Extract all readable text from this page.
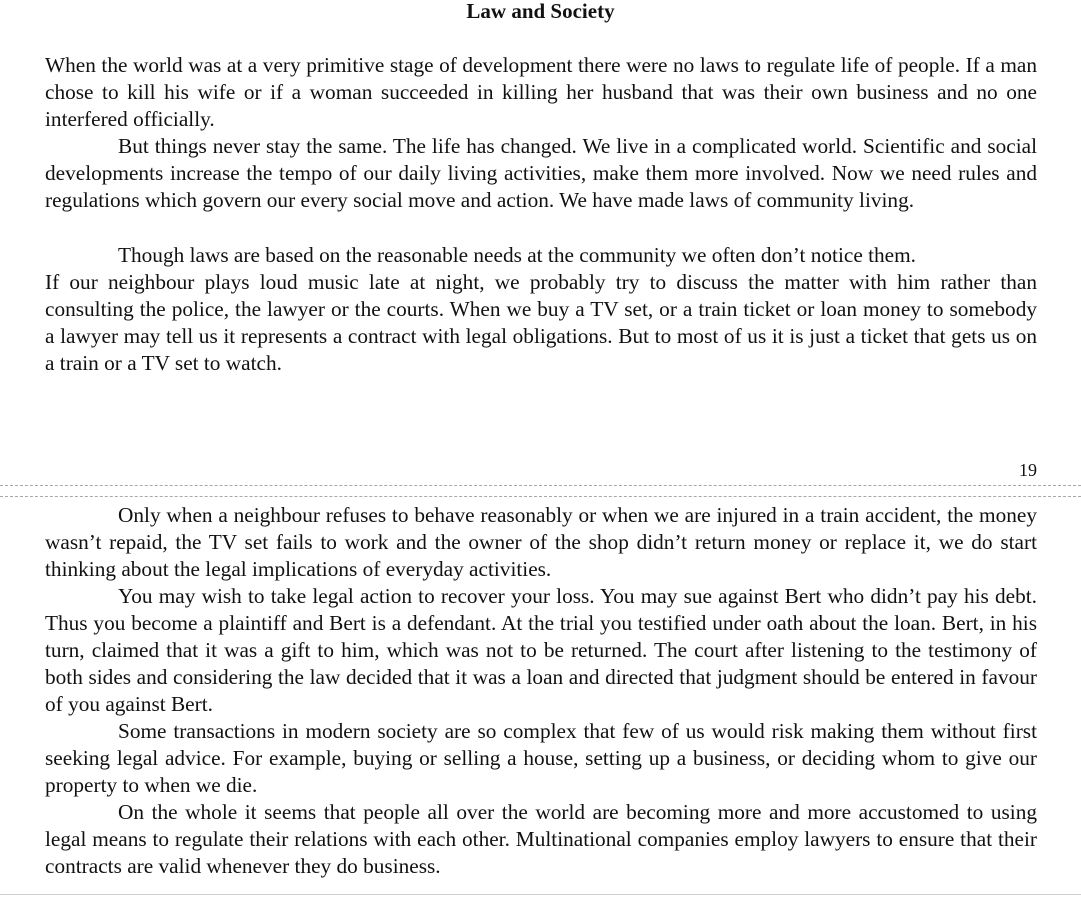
Law and Society

When the world was at a very primitive stage of development there were no laws to regulate life of people. If a man chose to kill his wife or if a woman succeeded in killing her husband that was their own business and no one interfered officially.

But things never stay the same. The life has changed. We live in a complicated world. Scientific and social developments increase the tempo of our daily living activities, make them more involved. Now we need rules and regulations which govern our every social move and action. We have made laws of community living.

Though laws are based on the reasonable needs at the community we often don’t notice them.

If our neighbour plays loud music late at night, we probably try to discuss the matter with him rather than consulting the police, the lawyer or the courts. When we buy a TV set, or a train ticket or loan money to somebody a lawyer may tell us it represents a contract with legal obligations. But to most of us it is just a ticket that gets us on a train or a TV set to watch.

19

Only when a neighbour refuses to behave reasonably or when we are injured in a train accident, the money wasn’t repaid, the TV set fails to work and the owner of the shop didn’t return money or replace it, we do start thinking about the legal implications of everyday activities.

You may wish to take legal action to recover your loss. You may sue against Bert who didn’t pay his debt. Thus you become a plaintiff and Bert is a defendant. At the trial you testified under oath about the loan. Bert, in his turn, claimed that it was a gift to him, which was not to be returned. The court after listening to the testimony of both sides and considering the law decided that it was a loan and directed that judgment should be entered in favour of you against Bert.

Some transactions in modern society are so complex that few of us would risk making them without first seeking legal advice. For example, buying or selling a house, setting up a business, or deciding whom to give our property to when we die.

On the whole it seems that people all over the world are becoming more and more accustomed to using legal means to regulate their relations with each other. Multinational companies employ lawyers to ensure that their contracts are valid whenever they do business.
